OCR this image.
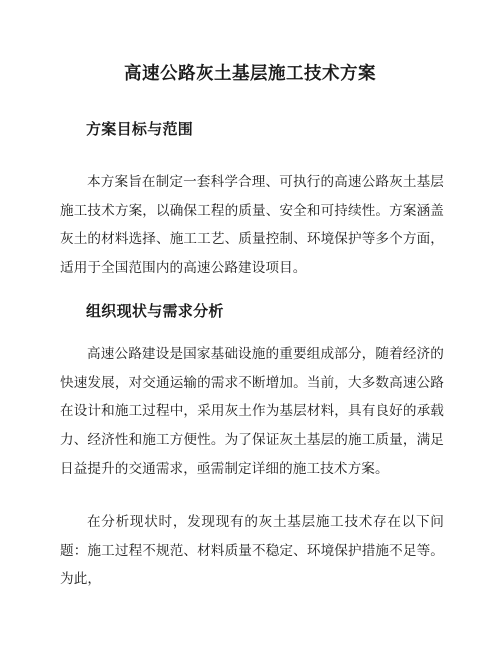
高速公路灰土基层施工技术方案
方案目标与范围

本方案旨在制定一套科学合理、可执行的高速公路灰土基层施工技术方案，以确保工程的质量、安全和可持续性。方案涵盖灰土的材料选择、施工工艺、质量控制、环境保护等多个方面，适用于全国范围内的高速公路建设项目。

组织现状与需求分析

高速公路建设是国家基础设施的重要组成部分，随着经济的快速发展，对交通运输的需求不断增加。当前，大多数高速公路在设计和施工过程中，采用灰土作为基层材料，具有良好的承载力、经济性和施工方便性。为了保证灰土基层的施工质量，满足日益提升的交通需求，亟需制定详细的施工技术方案。

在分析现状时，发现现有的灰土基层施工技术存在以下问题：施工过程不规范、材料质量不稳定、环境保护措施不足等。为此，
